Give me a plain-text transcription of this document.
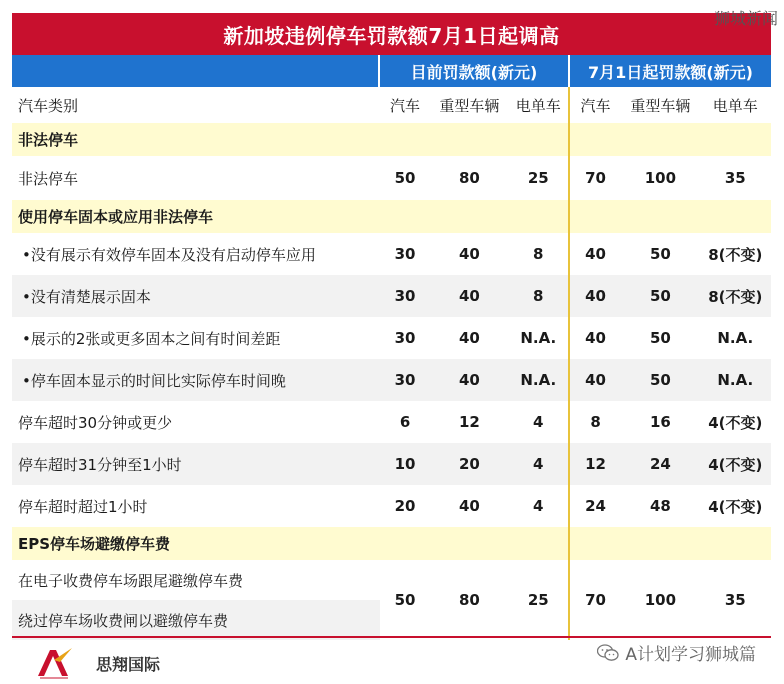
狮城新闻
新加坡违例停车罚款额7月1日起调高
目前罚款额(新元)	7月1日起罚款额(新元)
汽车类别	汽车	重型车辆	电单车	汽车	重型车辆	电单车
非法停车						
非法停车	50	80	25	70	100	35
使用停车固本或应用非法停车						
•没有展示有效停车固本及没有启动停车应用	30	40	8	40	50	8(不变)
•没有清楚展示固本	30	40	8	40	50	8(不变)
•展示的2张或更多固本之间有时间差距	30	40	N.A.	40	50	N.A.
•停车固本显示的时间比实际停车时间晚	30	40	N.A.	40	50	N.A.
停车超时30分钟或更少	6	12	4	8	16	4(不变)
停车超时31分钟至1小时	10	20	4	12	24	4(不变)
停车超时超过1小时	20	40	4	24	48	4(不变)
EPS停车场避缴停车费						
在电子收费停车场跟尾避缴停车费	50	80	25	70	100	35
绕过停车场收费闸以避缴停车费						
思翔国际	A计划学习狮城篇
